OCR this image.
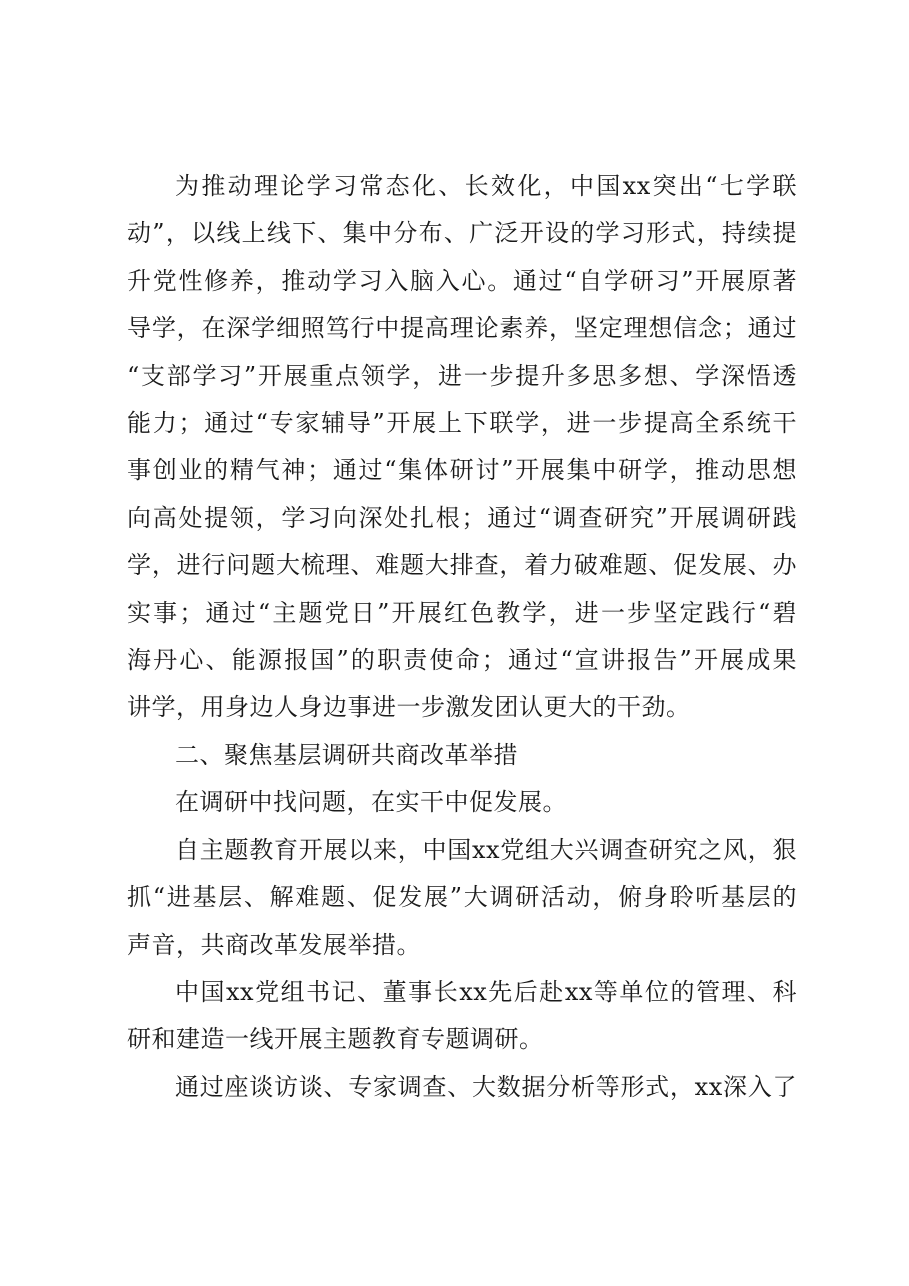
为推动理论学习常态化、长效化，中国xx突出“七学联
动”，以线上线下、集中分布、广泛开设的学习形式，持续提
升党性修养，推动学习入脑入心。通过“自学研习”开展原著
导学，在深学细照笃行中提高理论素养，坚定理想信念；通过
“支部学习”开展重点领学，进一步提升多思多想、学深悟透
能力；通过“专家辅导”开展上下联学，进一步提高全系统干
事创业的精气神；通过“集体研讨”开展集中研学，推动思想
向高处提领，学习向深处扎根；通过“调查研究”开展调研践
学，进行问题大梳理、难题大排查，着力破难题、促发展、办
实事；通过“主题党日”开展红色教学，进一步坚定践行“碧
海丹心、能源报国”的职责使命；通过“宣讲报告”开展成果
讲学，用身边人身边事进一步激发团认更大的干劲。
二、聚焦基层调研共商改革举措
在调研中找问题，在实干中促发展。
自主题教育开展以来，中国xx党组大兴调查研究之风，狠
抓“进基层、解难题、促发展”大调研活动，俯身聆听基层的
声音，共商改革发展举措。
中国xx党组书记、董事长xx先后赴xx等单位的管理、科
研和建造一线开展主题教育专题调研。
通过座谈访谈、专家调查、大数据分析等形式，xx深入了
